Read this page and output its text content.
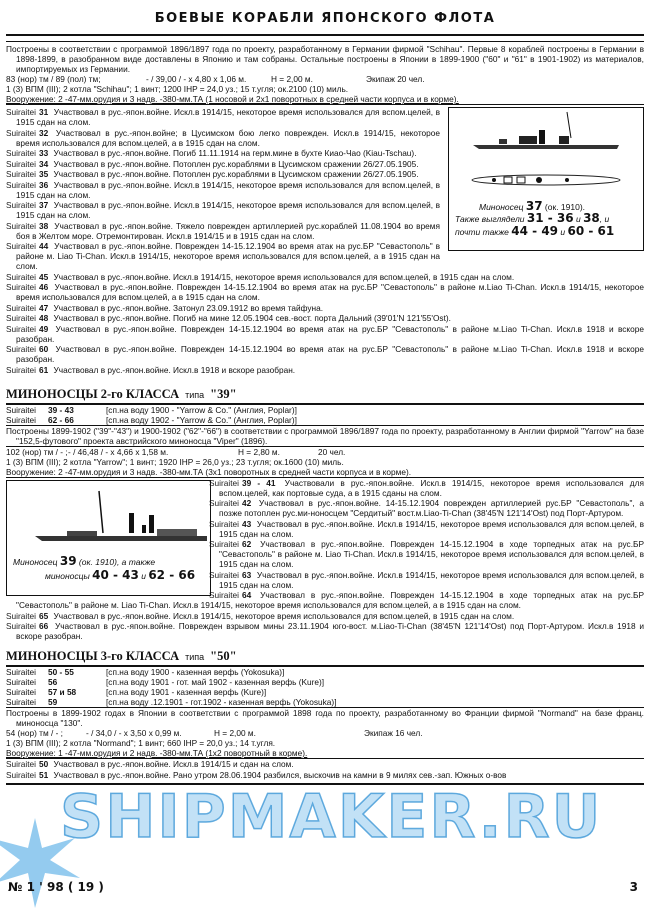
БОЕВЫЕ КОРАБЛИ ЯПОНСКОГО ФЛОТА

Построены в соответствии с программой 1896/1897 года по проекту, разработанному в Германии фирмой "Schihau". Первые 8 кораблей построены в Германии в 1898-1899, в разобранном виде доставлены в Японию и там собраны. Остальные построены в Японии в 1899-1900 ("60" и "61" в 1901-1902) из материалов, импортируемых из Германии.

83 (нор) тм / 89 (пол) тм;	- / 39,00 / - x 4,80 x 1,06 м.	H = 2,00 м.	Экипаж 20 чел.

1 (3) ВПМ (III); 2 котла "Schihau"; 1 винт; 1200 IHP = 24,0 уз.; 15 т.угля; ок.2100 (10) миль.

Вооружение: 2 -47-мм.орудия и 3 надв. -380-мм.ТА (1 носовой и 2x1 поворотных в средней части корпуса и в корме).

Миноносец 37 (ок. 1910).
Также выглядели 31 - 36 и 38, и
почти также 44 - 49 и 60 - 61

Suiraitei 31 Участвовал в рус.-япон.войне. Искл.в 1914/15, некоторое время использовался для вспом.целей, в 1915 сдан на слом.

Suiraitei 32 Участвовал в рус.-япон.войне; в Цусимском бою легко поврежден. Искл.в 1914/15, некоторое время использовался для вспом.целей, а в 1915 сдан на слом.

Suiraitei 33 Участвовал в рус.-япон.войне. Погиб 11.11.1914 на герм.мине в бухте Киао-Чао (Kiau-Tschau).

Suiraitei 34 Участвовал в рус.-япон.войне. Потоплен рус.кораблями в Цусимском сражении 26/27.05.1905.

Suiraitei 35 Участвовал в рус.-япон.войне. Потоплен рус.кораблями в Цусимском сражении 26/27.05.1905.

Suiraitei 36 Участвовал в рус.-япон.войне. Искл.в 1914/15, некоторое время использовался для вспом.целей, в 1915 сдан на слом.

Suiraitei 37 Участвовал в рус.-япон.войне. Искл.в 1914/15, некоторое время использовался для вспом.целей, в 1915 сдан на слом.

Suiraitei 38 Участвовал в рус.-япон.войне. Тяжело поврежден артиллерией рус.кораблей 11.08.1904 во время боя в Желтом море. Отремонтирован. Искл.в 1914/15 и в 1915 сдан на слом.

Suiraitei 44 Участвовал в рус.-япон.войне. Поврежден 14-15.12.1904 во время атак на рус.БР "Севастополь" в районе м. Liao Ti-Chan. Искл.в 1914/15, некоторое время использовался для вспом.целей, а в 1915 сдан на слом.

Suiraitei 45 Участвовал в рус.-япон.войне. Искл.в 1914/15, некоторое время использовался для вспом.целей, в 1915 сдан на слом.

Suiraitei 46 Участвовал в рус.-япон.войне. Поврежден 14-15.12.1904 во время атак на рус.БР "Севастополь" в районе м.Liao Ti-Chan. Искл.в 1914/15, некоторое время использовался для вспом.целей, а в 1915 сдан на слом.

Suiraitei 47 Участвовал в рус.-япон.войне. Затонул 23.09.1912 во время тайфуна.

Suiraitei 48 Участвовал в рус.-япон.войне. Погиб на мине 12.05.1904 сев.-вост. порта Дальний (39'01'N 121'55'Ost).

Suiraitei 49 Участвовал в рус.-япон.войне. Поврежден 14-15.12.1904 во время атак на рус.БР "Севастополь" в районе м.Liao Ti-Chan. Искл.в 1918 и вскоре разобран.

Suiraitei 60 Участвовал в рус.-япон.войне. Поврежден 14-15.12.1904 во время атак на рус.БР "Севастополь" в районе м.Liao Ti-Chan. Искл.в 1918 и вскоре разобран.

Suiraitei 61 Участвовал в рус.-япон.войне. Искл.в 1918 и вскоре разобран.

МИНОНОСЦЫ 2-го КЛАССА типа "39"
Suiraitei	39 - 43	[сп.на воду 1900 - "Yarrow & Co." (Англия, Poplar)]
Suiraitei	62 - 66	[сп.на воду 1902 - "Yarrow & Co." (Англия, Poplar)]

Построены 1899-1902 ("39"-"43") и 1900-1902 ("62"-"66") в соответствии с программой 1896/1897 года по проекту, разработанному в Англии фирмой "Yarrow" на базе "152,5-футового" проекта австрийского миноносца "Viper" (1896).

102 (нор) тм / - ;- / 46,48 / - x 4,66 x 1,58 м.	H = 2,80 м.	20 чел.

1 (3) ВПМ (III); 2 котла "Yarrow"; 1 винт; 1920 IHP = 26,0 уз.; 23 т.угля; ок.1600 (10) миль.

Вооружение: 2 -47-мм.орудия и 3 надв. -380-мм.ТА (3x1 поворотных в средней части корпуса и в корме).

Миноносец 39 (ок. 1910), а также
миноносцы 40 - 43 и 62 - 66

Suiraitei 39 - 41 Участвовали в рус.-япон.войне. Искл.в 1914/15, некоторое время использовался для вспом.целей, как портовые суда, а в 1915 сданы на слом.

Suiraitei 42 Участвовал в рус.-япон.войне. 14-15.12.1904 поврежден артиллерией рус.БР "Севастополь", а позже потоплен рус.ми-ноносцем "Сердитый" вост.м.Liao-Ti-Chan (38'45'N 121'14'Ost) под Порт-Артуром.

Suiraitei 43 Участвовал в рус.-япон.войне. Искл.в 1914/15, некоторое время использовался для вспом.целей, в 1915 сдан на слом.

Suiraitei 62 Участвовал в рус.-япон.войне. Поврежден 14-15.12.1904 в ходе торпедных атак на рус.БР "Севастополь" в районе м. Liao Ti-Chan. Искл.в 1914/15, некоторое время использовался для вспом.целей, в 1915 сдан на слом.

Suiraitei 63 Участвовал в рус.-япон.войне. Искл.в 1914/15, некоторое время использовался для вспом.целей, в 1915 сдан на слом.

Suiraitei 64 Участвовал в рус.-япон.войне. Поврежден 14-15.12.1904 в ходе торпедных атак на рус.БР "Севастополь" в районе м. Liao Ti-Chan. Искл.в 1914/15, некоторое время использовался для вспом.целей, а в 1915 сдан на слом.

Suiraitei 65 Участвовал в рус.-япон.войне. Искл.в 1914/15, некоторое время использовался для вспом.целей, в 1915 сдан на слом.

Suiraitei 66 Участвовал в рус.-япон.войне. Поврежден взрывом мины 23.11.1904 юго-вост. м.Liao-Ti-Chan (38'45'N 121'14'Ost) под Порт-Артуром. Искл.в 1918 и вскоре разобран.

МИНОНОСЦЫ 3-го КЛАССА типа "50"
Suiraitei	50 - 55	[сп.на воду 1900 - казенная верфь (Yokosuka)]
Suiraitei	56	[сп.на воду 1901 - гот. май 1902 - казенная верфь (Kure)]
Suiraitei	57 и 58	[сп.на воду 1901 - казенная верфь (Kure)]
Suiraitei	59	[сп.на воду .12.1901 - гот.1902 - казенная верфь (Yokosuka)]

Построены в 1899-1902 годах в Японии в соответствии с программой 1898 года по проекту, разработанному во Франции фирмой "Normand" на базе франц. миноносца "130".

54 (нор) тм / - ;	- / 34,0 / - x 3,50 x 0,99 м.	H = 2,00 м.	Экипаж 16 чел.

1 (3) ВПМ (III); 2 котла "Normand"; 1 винт; 660 IHP = 20,0 уз.; 14 т.угля.

Вооружение: 1 -47-мм.орудия и 2 надв. -380-мм.ТА (1x2 поворотный в корме).

Suiraitei 50 Участвовал в рус.-япон.войне. Искл.в 1914/15 и сдан на слом.

Suiraitei 51 Участвовал в рус.-япон.войне. Рано утром 28.06.1904 разбился, выскочив на камни в 9 милях сев.-зап. Южных о-вов

SHIPMAKER.RU
№ 1 ' 98 ( 19 )	3
